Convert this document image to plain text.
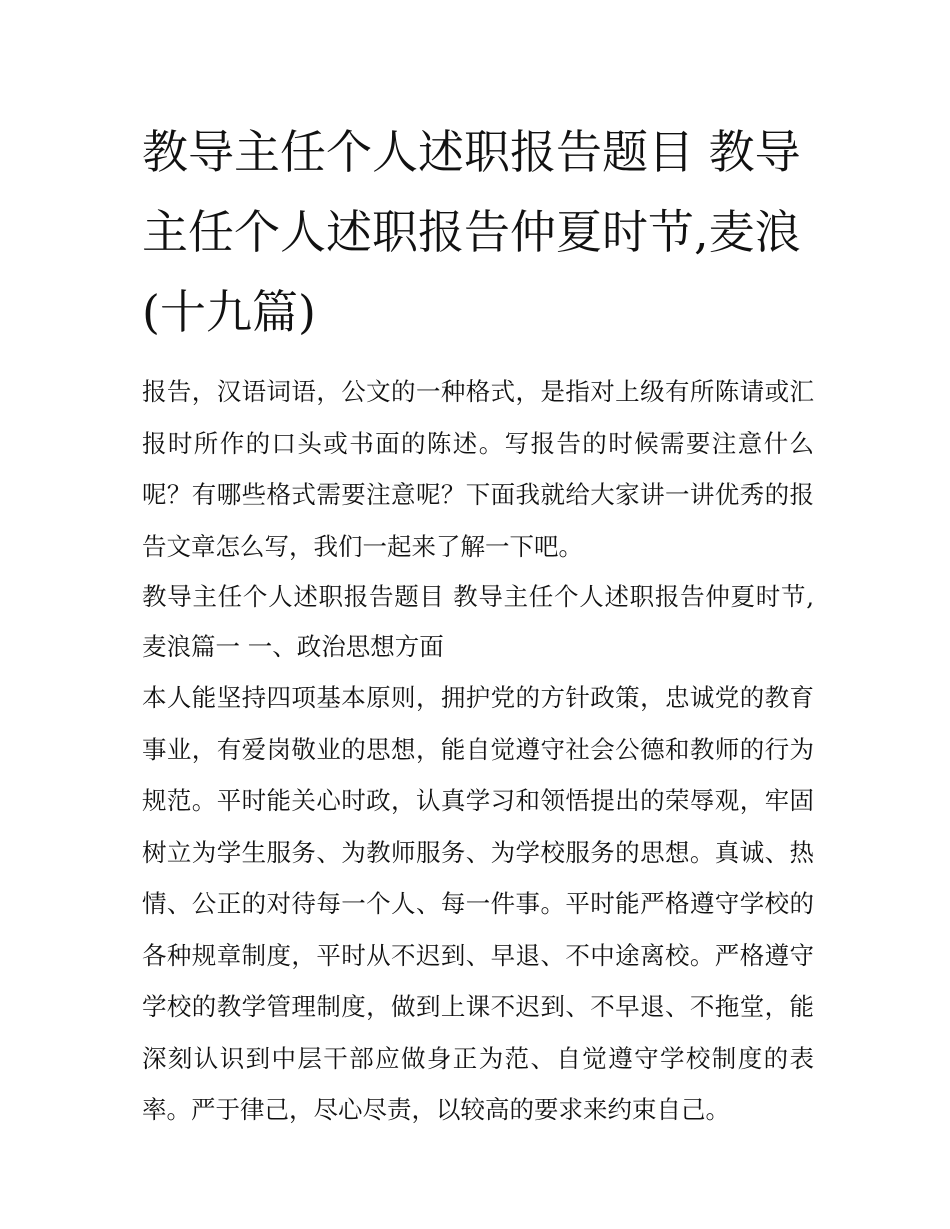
教导主任个人述职报告题目 教导主任个人述职报告仲夏时节,麦浪(十九篇)

报告，汉语词语，公文的一种格式，是指对上级有所陈请或汇报时所作的口头或书面的陈述。写报告的时候需要注意什么呢？有哪些格式需要注意呢？下面我就给大家讲一讲优秀的报告文章怎么写，我们一起来了解一下吧。

教导主任个人述职报告题目 教导主任个人述职报告仲夏时节,麦浪篇一 一、政治思想方面

本人能坚持四项基本原则，拥护党的方针政策，忠诚党的教育事业，有爱岗敬业的思想，能自觉遵守社会公德和教师的行为规范。平时能关心时政，认真学习和领悟提出的荣辱观，牢固树立为学生服务、为教师服务、为学校服务的思想。真诚、热情、公正的对待每一个人、每一件事。平时能严格遵守学校的各种规章制度，平时从不迟到、早退、不中途离校。严格遵守学校的教学管理制度，做到上课不迟到、不早退、不拖堂，能深刻认识到中层干部应做身正为范、自觉遵守学校制度的表率。严于律己，尽心尽责，以较高的要求来约束自己。
